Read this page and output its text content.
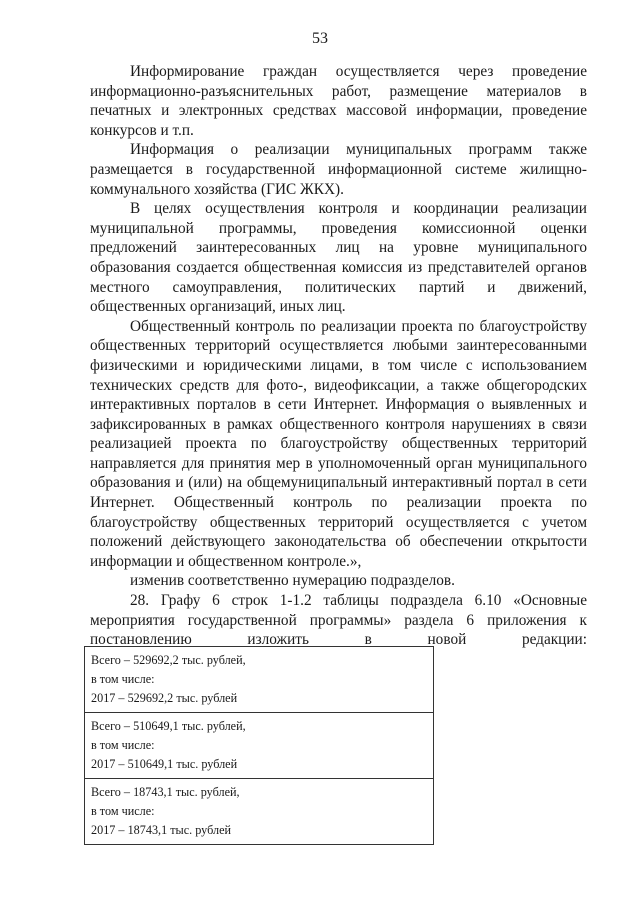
53

Информирование граждан осуществляется через проведение информационно-разъяснительных работ, размещение материалов в печатных и электронных средствах массовой информации, проведение конкурсов и т.п.

Информация о реализации муниципальных программ также размещается в государственной информационной системе жилищно-коммунального хозяйства (ГИС ЖКХ).

В целях осуществления контроля и координации реализации муниципальной программы, проведения комиссионной оценки предложений заинтересованных лиц на уровне муниципального образования создается общественная комиссия из представителей органов местного самоуправления, политических партий и движений, общественных организаций, иных лиц.

Общественный контроль по реализации проекта по благоустройству общественных территорий осуществляется любыми заинтересованными физическими и юридическими лицами, в том числе с использованием технических средств для фото-, видеофиксации, а также общегородских интерактивных порталов в сети Интернет. Информация о выявленных и зафиксированных в рамках общественного контроля нарушениях в связи реализацией проекта по благоустройству общественных территорий направляется для принятия мер в уполномоченный орган муниципального образования и (или) на общемуниципальный интерактивный портал в сети Интернет. Общественный контроль по реализации проекта по благоустройству общественных территорий осуществляется с учетом положений действующего законодательства об обеспечении открытости информации и общественном контроле.»,

изменив соответственно нумерацию подразделов.

28. Графу 6 строк 1-1.2 таблицы подраздела 6.10 «Основные мероприятия государственной программы» раздела 6 приложения к постановлению изложить в новой редакции:

Всего – 529692,2 тыс. рублей,
в том числе:
2017 – 529692,2 тыс. рублей

Всего – 510649,1 тыс. рублей,
в том числе:
2017 – 510649,1 тыс. рублей

Всего – 18743,1 тыс. рублей,
в том числе:
2017 – 18743,1 тыс. рублей
